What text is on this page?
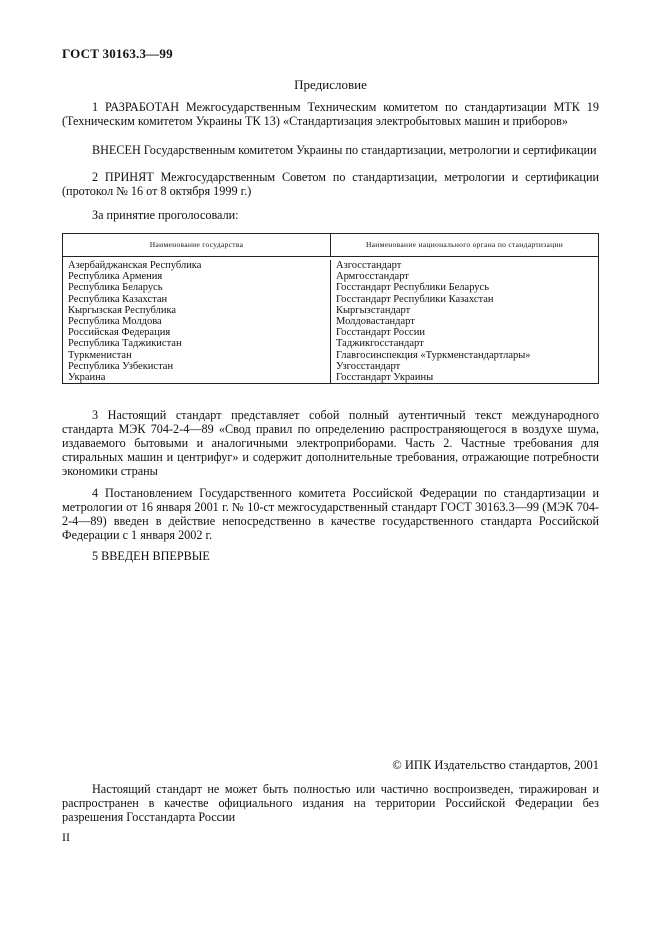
ГОСТ 30163.3—99
Предисловие

1 РАЗРАБОТАН Межгосударственным Техническим комитетом по стандартизации МТК 19 (Техническим комитетом Украины ТК 13) «Стандартизация электробытовых машин и приборов»

ВНЕСЕН Государственным комитетом Украины по стандартизации, метрологии и сертификации

2 ПРИНЯТ Межгосударственным Советом по стандартизации, метрологии и сертификации (протокол № 16 от 8 октября 1999 г.)

За принятие проголосовали:

Наименование государства	Наименование национального органа по стандартизации
Азербайджанская Республика
Республика Армения
Республика Беларусь
Республика Казахстан
Кыргызская Республика
Республика Молдова
Российская Федерация
Республика Таджикистан
Туркменистан
Республика Узбекистан
Украина
Азгосстандарт
Армгосстандарт
Госстандарт Республики Беларусь
Госстандарт Республики Казахстан
Кыргызстандарт
Молдовастандарт
Госстандарт России
Таджикгосстандарт
Главгосинспекция «Туркменстандартлары»
Узгосстандарт
Госстандарт Украины

3 Настоящий стандарт представляет собой полный аутентичный текст международного стандарта МЭК 704-2-4—89 «Свод правил по определению распространяющегося в воздухе шума, издаваемого бытовыми и аналогичными электроприборами. Часть 2. Частные требования для стиральных машин и центрифуг» и содержит дополнительные требования, отражающие потребности экономики страны

4 Постановлением Государственного комитета Российской Федерации по стандартизации и метрологии от 16 января 2001 г. № 10-ст межгосударственный стандарт ГОСТ 30163.3—99 (МЭК 704-2-4—89) введен в действие непосредственно в качестве государственного стандарта Российской Федерации с 1 января 2002 г.

5 ВВЕДЕН ВПЕРВЫЕ

© ИПК Издательство стандартов, 2001

Настоящий стандарт не может быть полностью или частично воспроизведен, тиражирован и распространен в качестве официального издания на территории Российской Федерации без разрешения Госстандарта России

II
